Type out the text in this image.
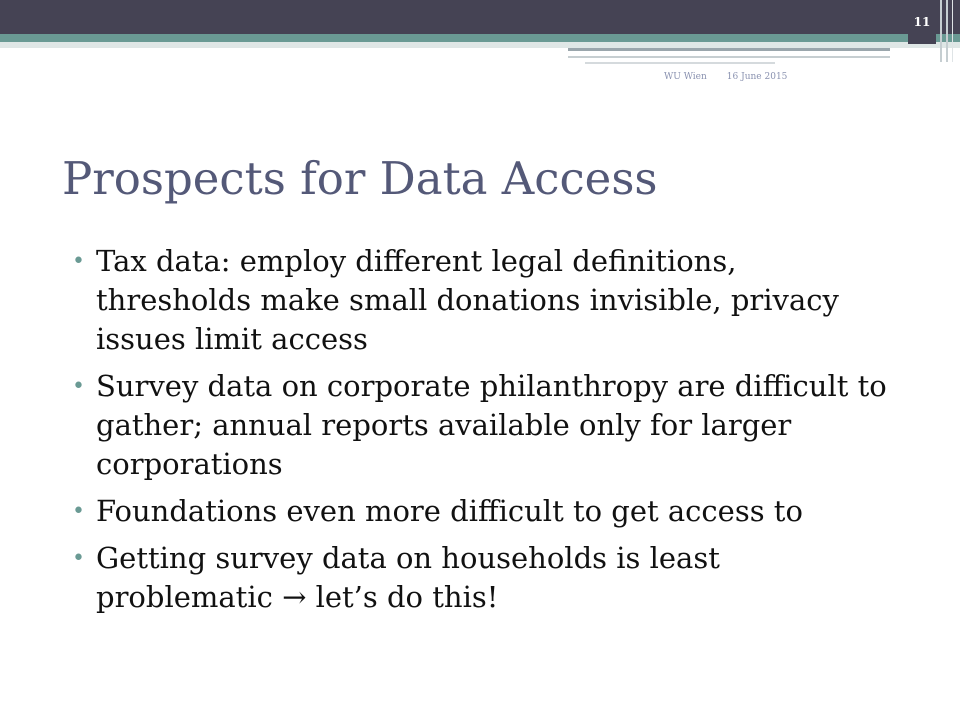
11
WU Wien 16 June 2015
Prospects for Data Access
• Tax data: employ different legal definitions, thresholds make small donations invisible, privacy issues limit access
• Survey data on corporate philanthropy are difficult to gather; annual reports available only for larger corporations
• Foundations even more difficult to get access to
• Getting survey data on households is least problematic → let’s do this!
